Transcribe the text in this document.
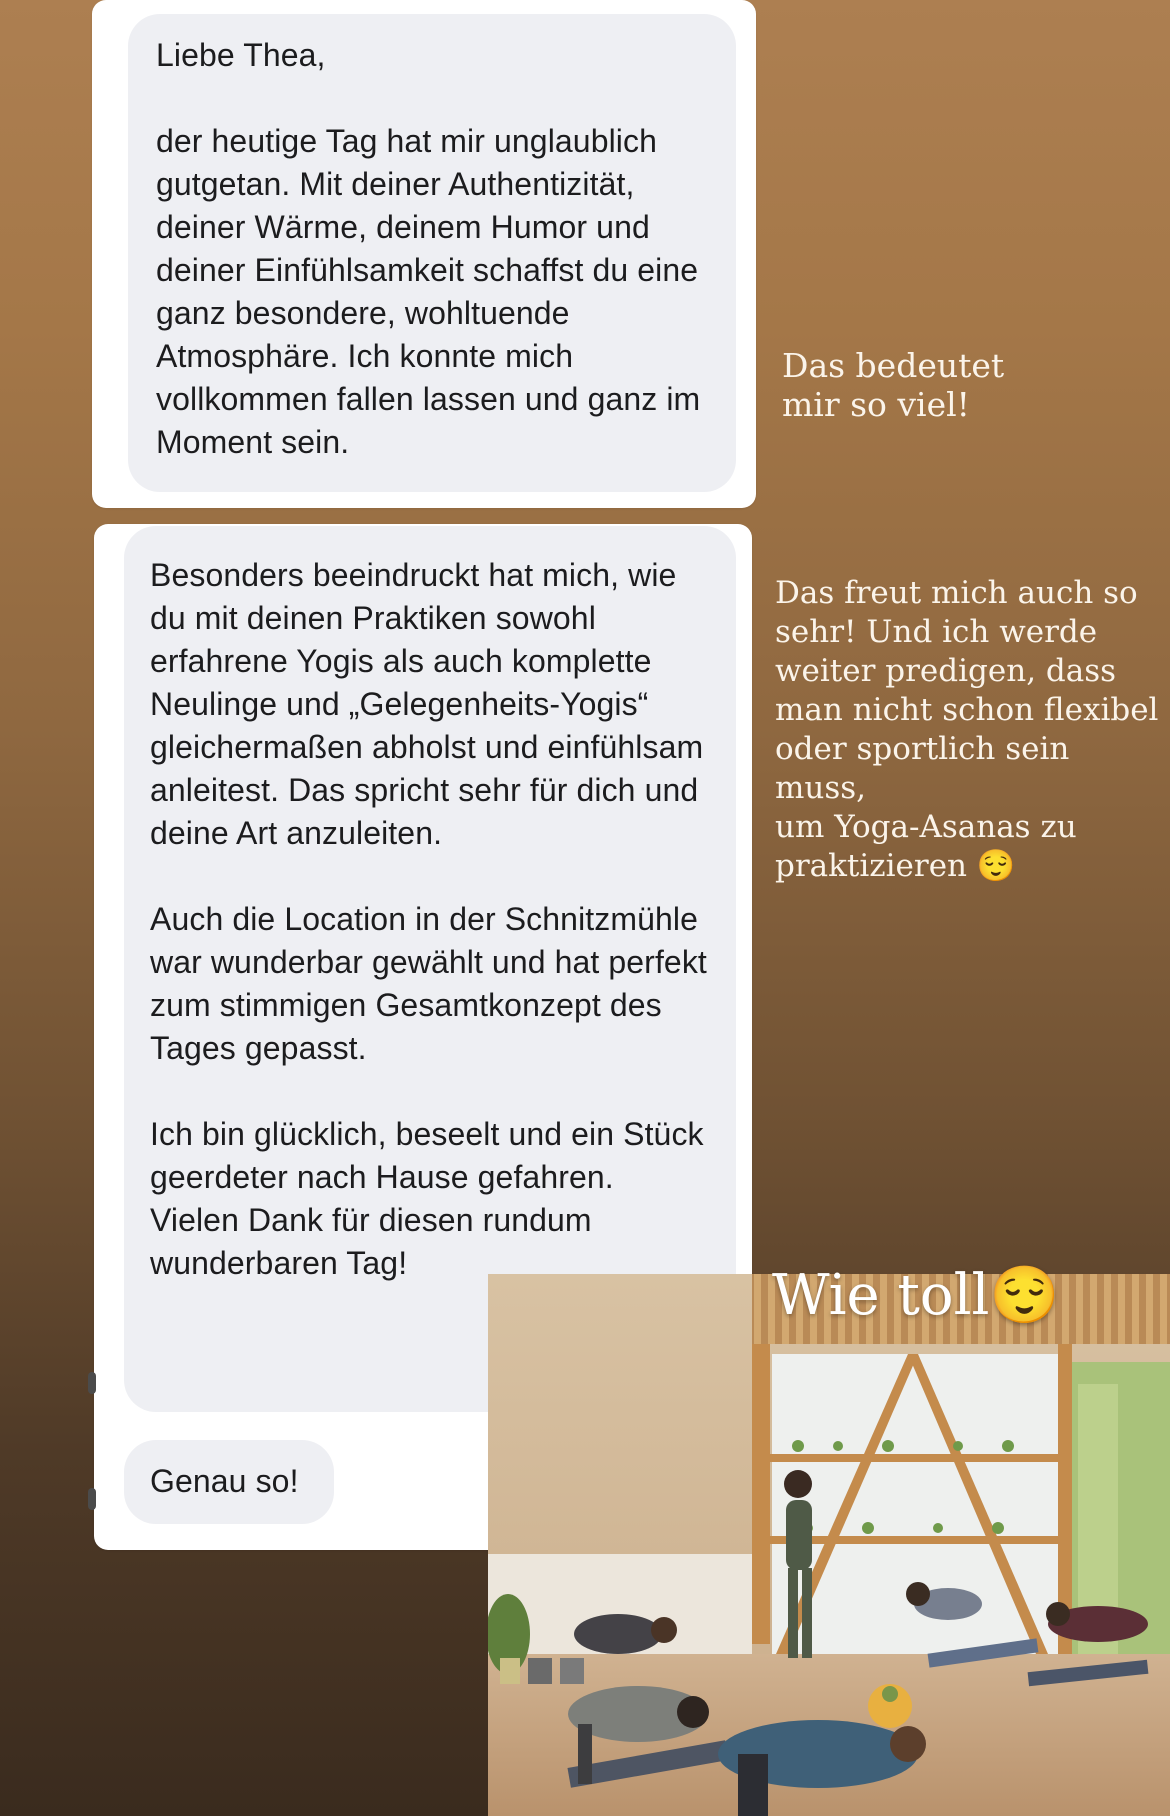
Liebe Thea,

der heutige Tag hat mir unglaublich gutgetan. Mit deiner Authentizität, deiner Wärme, deinem Humor und deiner Einfühlsamkeit schaffst du eine ganz besondere, wohltuende Atmosphäre. Ich konnte mich vollkommen fallen lassen und ganz im Moment sein.
Besonders beeindruckt hat mich, wie du mit deinen Praktiken sowohl erfahrene Yogis als auch komplette Neulinge und „Gelegenheits-Yogis“ gleichermaßen abholst und einfühlsam anleitest. Das spricht sehr für dich und deine Art anzuleiten.

Auch die Location in der Schnitzmühle war wunderbar gewählt und hat perfekt zum stimmigen Gesamtkonzept des Tages gepasst.

Ich bin glücklich, beseelt und ein Stück geerdeter nach Hause gefahren. Vielen Dank für diesen rundum wunderbaren Tag!
Genau so!
Das bedeutet
mir so viel!
Das freut mich auch so
sehr! Und ich werde
weiter predigen, dass
man nicht schon flexibel
oder sportlich sein muss,
um Yoga-Asanas zu
praktizieren 😌
Wie toll😌
